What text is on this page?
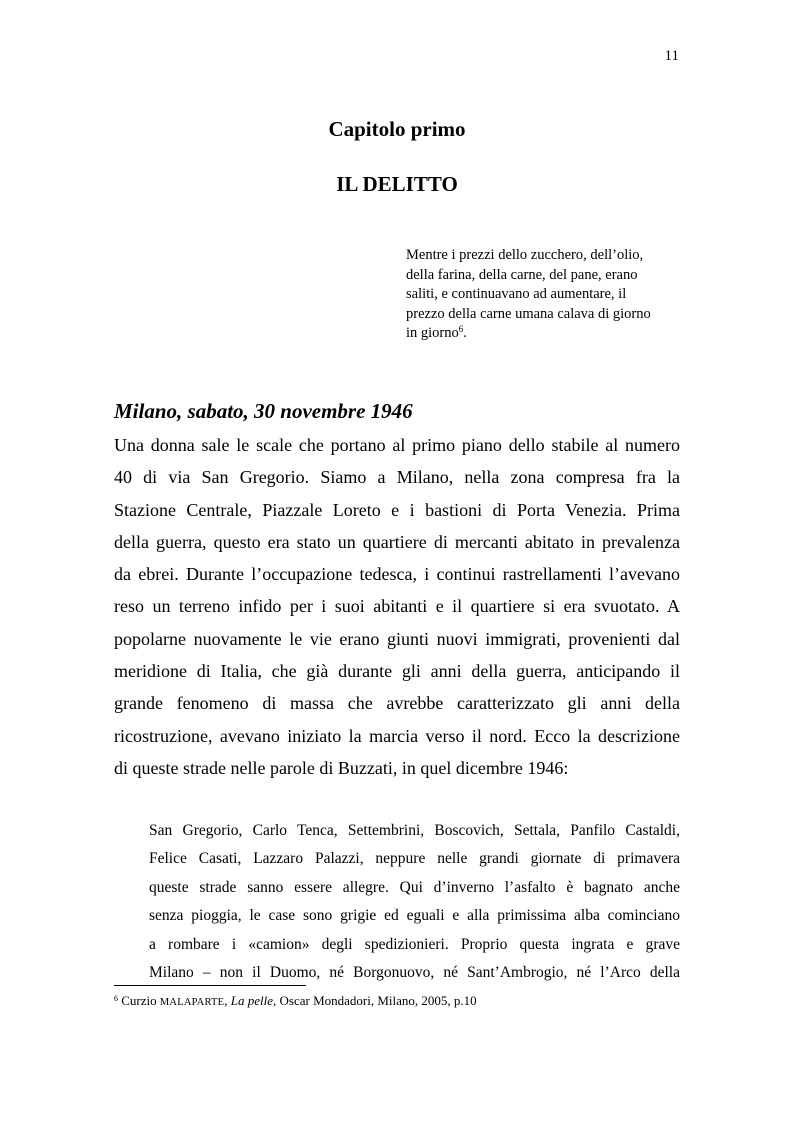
11
Capitolo primo
IL DELITTO
Mentre i prezzi dello zucchero, dell’olio,
della farina, della carne, del pane, erano
saliti, e continuavano ad aumentare, il
prezzo della carne umana calava di giorno
in giorno$^6$.
Milano, sabato, 30 novembre 1946
Una donna sale le scale che portano al primo piano dello stabile al numero
40 di via San Gregorio. Siamo a Milano, nella zona compresa fra la
Stazione Centrale, Piazzale Loreto e i bastioni di Porta Venezia. Prima
della guerra, questo era stato un quartiere di mercanti abitato in prevalenza
da ebrei. Durante l’occupazione tedesca, i continui rastrellamenti l’avevano
reso un terreno infido per i suoi abitanti e il quartiere si era svuotato. A
popolarne nuovamente le vie erano giunti nuovi immigrati, provenienti dal
meridione di Italia, che già durante gli anni della guerra, anticipando il
grande fenomeno di massa che avrebbe caratterizzato gli anni della
ricostruzione, avevano iniziato la marcia verso il nord. Ecco la descrizione
di queste strade nelle parole di Buzzati, in quel dicembre 1946:
San Gregorio, Carlo Tenca, Settembrini, Boscovich, Settala, Panfilo Castaldi,
Felice Casati, Lazzaro Palazzi, neppure nelle grandi giornate di primavera
queste strade sanno essere allegre. Qui d’inverno l’asfalto è bagnato anche
senza pioggia, le case sono grigie ed eguali e alla primissima alba cominciano
a rombare i «camion» degli spedizionieri. Proprio questa ingrata e grave
Milano – non il Duomo, né Borgonuovo, né Sant’Ambrogio, né l’Arco della
$^6$ Curzio MALAPARTE, La pelle, Oscar Mondadori, Milano, 2005, p.10
